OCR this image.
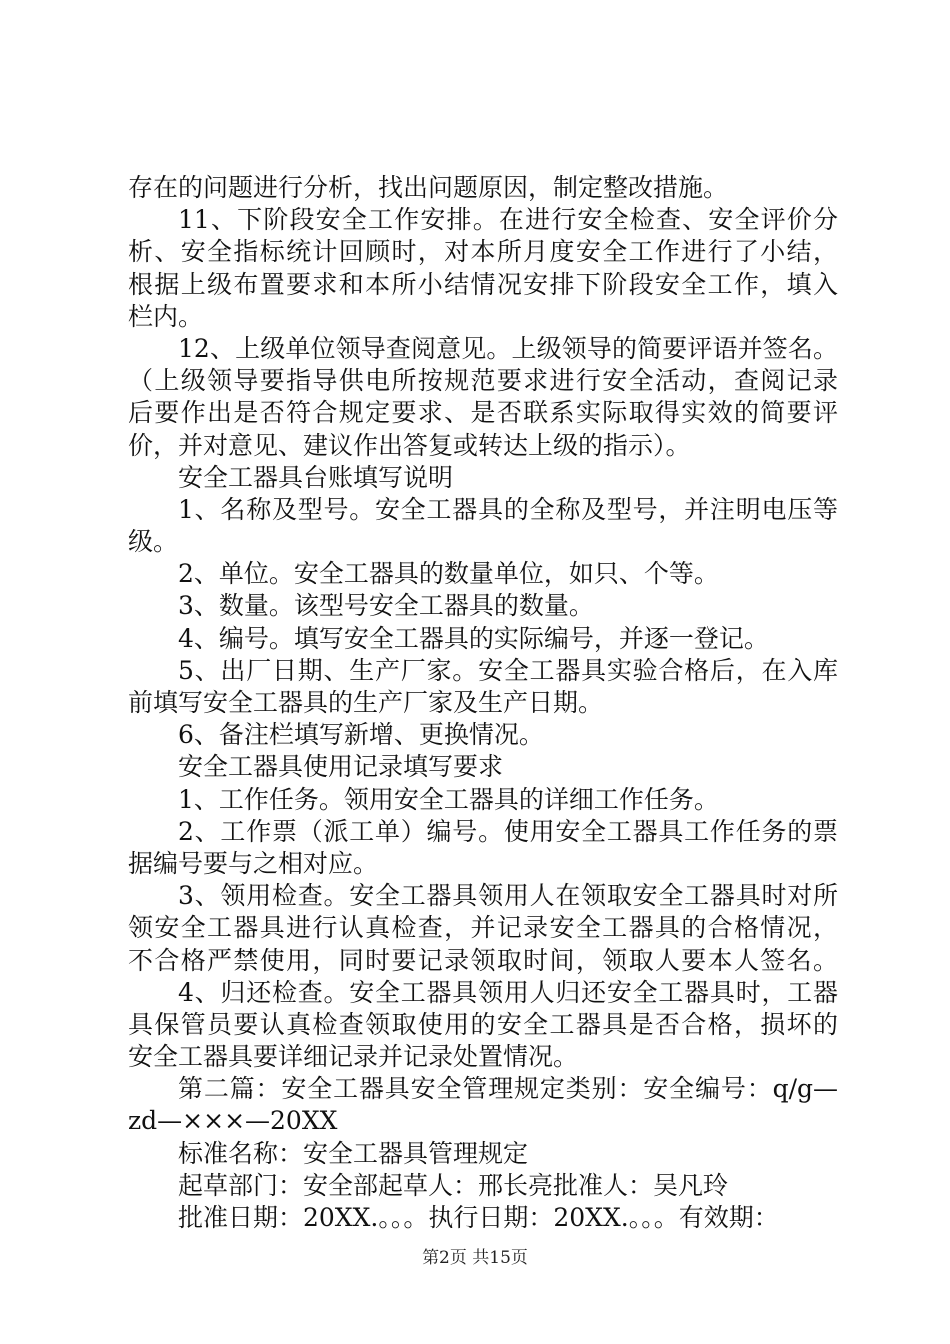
存在的问题进行分析，找出问题原因，制定整改措施。
11、下阶段安全工作安排。在进行安全检查、安全评价分
析、安全指标统计回顾时，对本所月度安全工作进行了小结，
根据上级布置要求和本所小结情况安排下阶段安全工作，填入
栏内。
12、上级单位领导查阅意见。上级领导的简要评语并签名。
（上级领导要指导供电所按规范要求进行安全活动，查阅记录
后要作出是否符合规定要求、是否联系实际取得实效的简要评
价，并对意见、建议作出答复或转达上级的指示）。
安全工器具台账填写说明
1、名称及型号。安全工器具的全称及型号，并注明电压等
级。
2、单位。安全工器具的数量单位，如只、个等。
3、数量。该型号安全工器具的数量。
4、编号。填写安全工器具的实际编号，并逐一登记。
5、出厂日期、生产厂家。安全工器具实验合格后，在入库
前填写安全工器具的生产厂家及生产日期。
6、备注栏填写新增、更换情况。
安全工器具使用记录填写要求
1、工作任务。领用安全工器具的详细工作任务。
2、工作票（派工单）编号。使用安全工器具工作任务的票
据编号要与之相对应。
3、领用检查。安全工器具领用人在领取安全工器具时对所
领安全工器具进行认真检查，并记录安全工器具的合格情况，
不合格严禁使用，同时要记录领取时间，领取人要本人签名。
4、归还检查。安全工器具领用人归还安全工器具时，工器
具保管员要认真检查领取使用的安全工器具是否合格，损坏的
安全工器具要详细记录并记录处置情况。
第二篇：安全工器具安全管理规定类别：安全编号：q/g—
zd—×××—20XX
标准名称：安全工器具管理规定
起草部门：安全部起草人：邢长亮批准人：吴凡玲
批准日期：20XX.。。。执行日期：20XX.。。。有效期：
第2页 共15页
